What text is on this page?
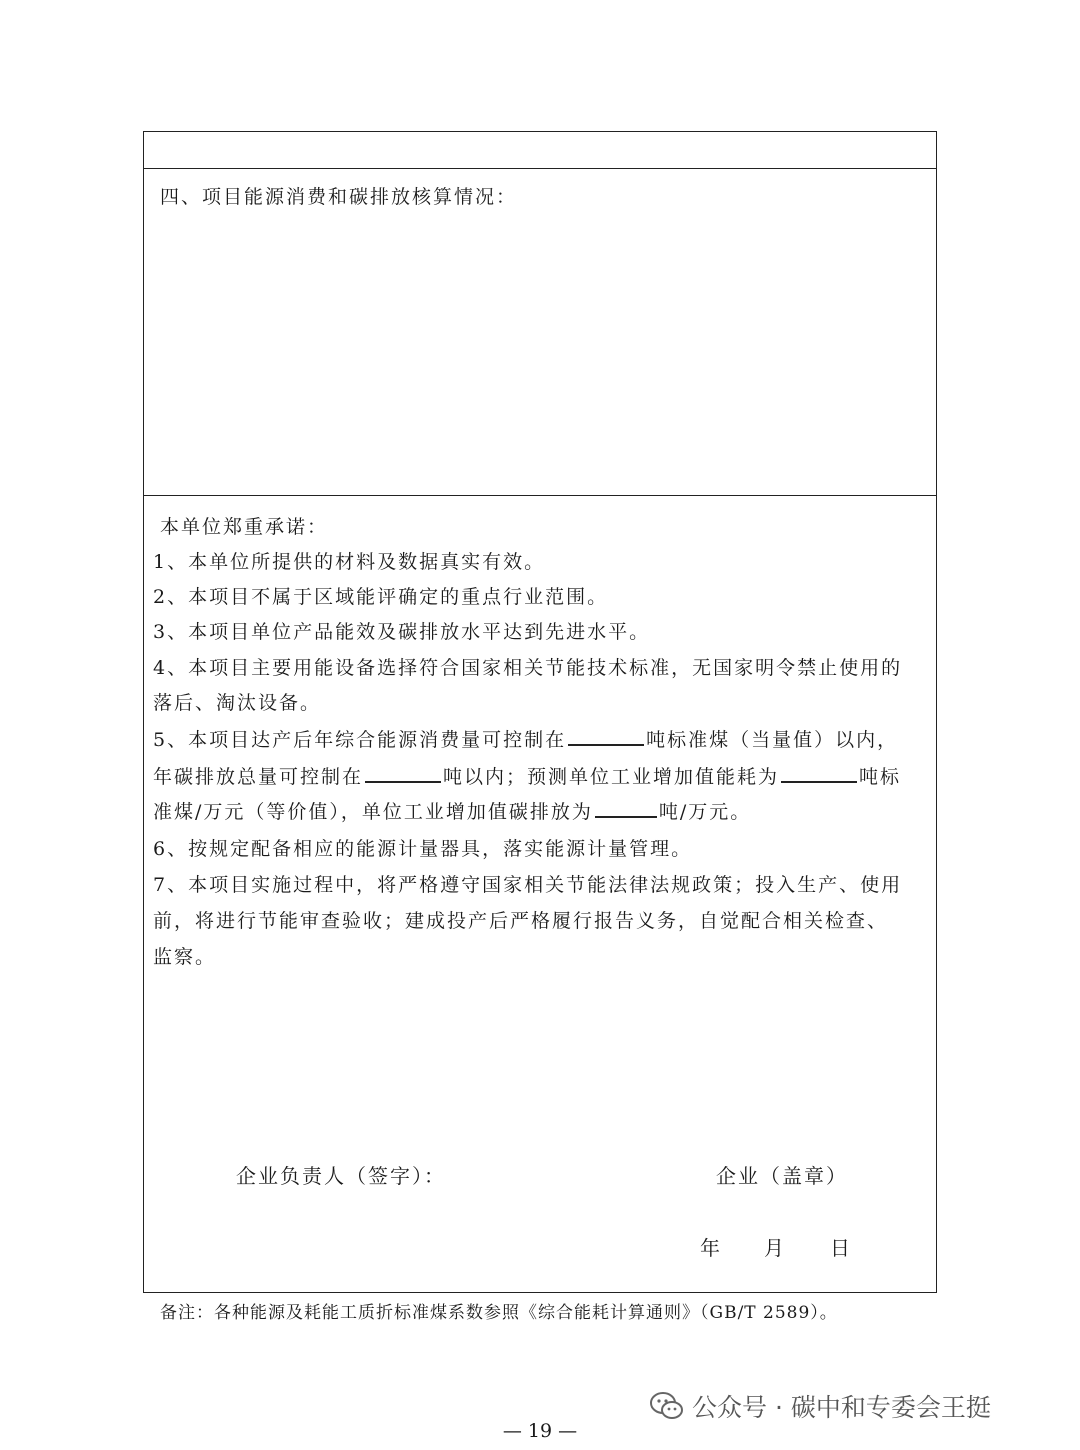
四、项目能源消费和碳排放核算情况：
本单位郑重承诺：
1、本单位所提供的材料及数据真实有效。
2、本项目不属于区域能评确定的重点行业范围。
3、本项目单位产品能效及碳排放水平达到先进水平。
4、本项目主要用能设备选择符合国家相关节能技术标准，无国家明令禁止使用的
落后、淘汰设备。
5、本项目达产后年综合能源消费量可控制在	吨标准煤（当量值）以内，
年碳排放总量可控制在	吨以内；预测单位工业增加值能耗为	吨标
准煤/万元（等价值），单位工业增加值碳排放为	吨/万元。
6、按规定配备相应的能源计量器具，落实能源计量管理。
7、本项目实施过程中，将严格遵守国家相关节能法律法规政策；投入生产、使用
前，将进行节能审查验收；建成投产后严格履行报告义务，自觉配合相关检查、
监察。
企业负责人（签字）：	企业（盖章）
年 月 日
备注：各种能源及耗能工质折标准煤系数参照《综合能耗计算通则》（GB/T 2589）。
公众号 · 碳中和专委会王挺
— 19 —
